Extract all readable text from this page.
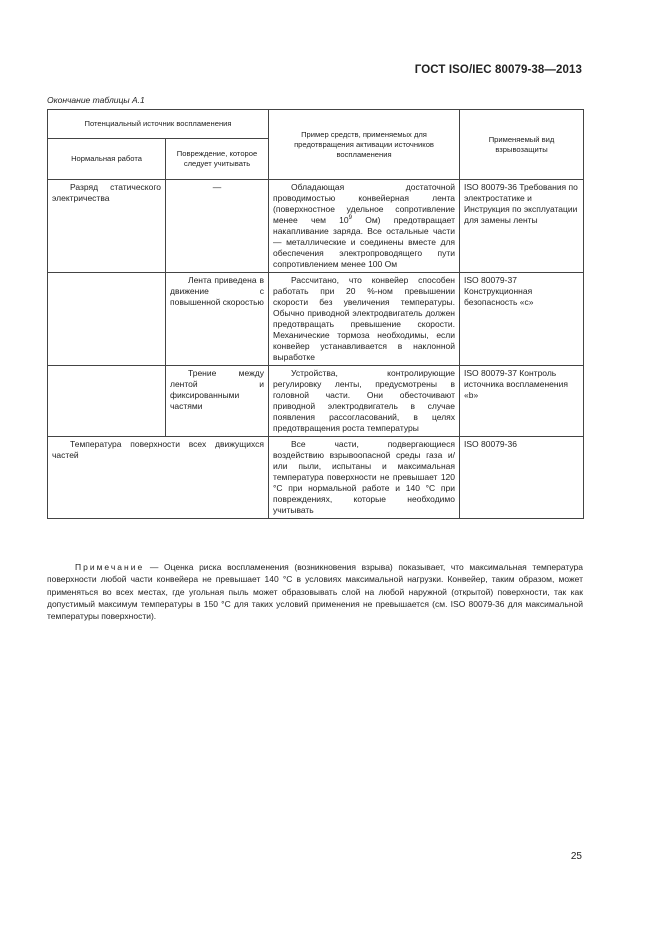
ГОСТ ISO/IEC 80079-38—2013
Окончание таблицы А.1
Потенциальный источник воспламенения		Пример средств, применяемых для предотвращения активации источников воспламенения	Применяемый вид взрывозащиты
Нормальная работа	Повреждение, которое следует учитывать		
Разряд статического электричества	—	Обладающая достаточной проводимостью конвейерная лента (поверхностное удельное сопротивление менее чем $10^9$ Ом) предотвращает накапливание заряда. Все остальные части — металлические и соединены вместе для обеспечения электропроводящего пути сопротивлением менее 100 Ом	ISO 80079-36 Требования по электростатике и Инструкция по эксплуатации для замены ленты
	Лента приведена в движение с повышенной скоростью	Рассчитано, что конвейер способен работать при 20 %-ном превышении скорости без увеличения температуры. Обычно приводной электродвигатель должен предотвращать превышение скорости. Механические тормоза необходимы, если конвейер устанавливается в наклонной выработке	ISO 80079-37 Конструкционная безопасность «c»
	Трение между лентой и фиксированными частями	Устройства, контролирующие регулировку ленты, предусмотрены в головной части. Они обесточивают приводной электродвигатель в случае появления рассогласований, в целях предотвращения роста температуры	ISO 80079-37 Контроль источника воспламенения «b»
Температура поверхности всех движущихся частей		Все части, подвергающиеся воздействию взрывоопасной среды газа и/или пыли, испытаны и максимальная температура поверхности не превышает 120 °С при нормальной работе и 140 °С при повреждениях, которые необходимо учитывать	ISO 80079-36
Примечание — Оценка риска воспламенения (возникновения взрыва) показывает, что максимальная температура поверхности любой части конвейера не превышает 140 °С в условиях максимальной нагрузки. Конвейер, таким образом, может применяться во всех местах, где угольная пыль может образовывать слой на любой наружной (открытой) поверхности, так как допустимый максимум температуры в 150 °С для таких условий применения не превышается (см. ISO 80079-36 для максимальной температуры поверхности).
25
